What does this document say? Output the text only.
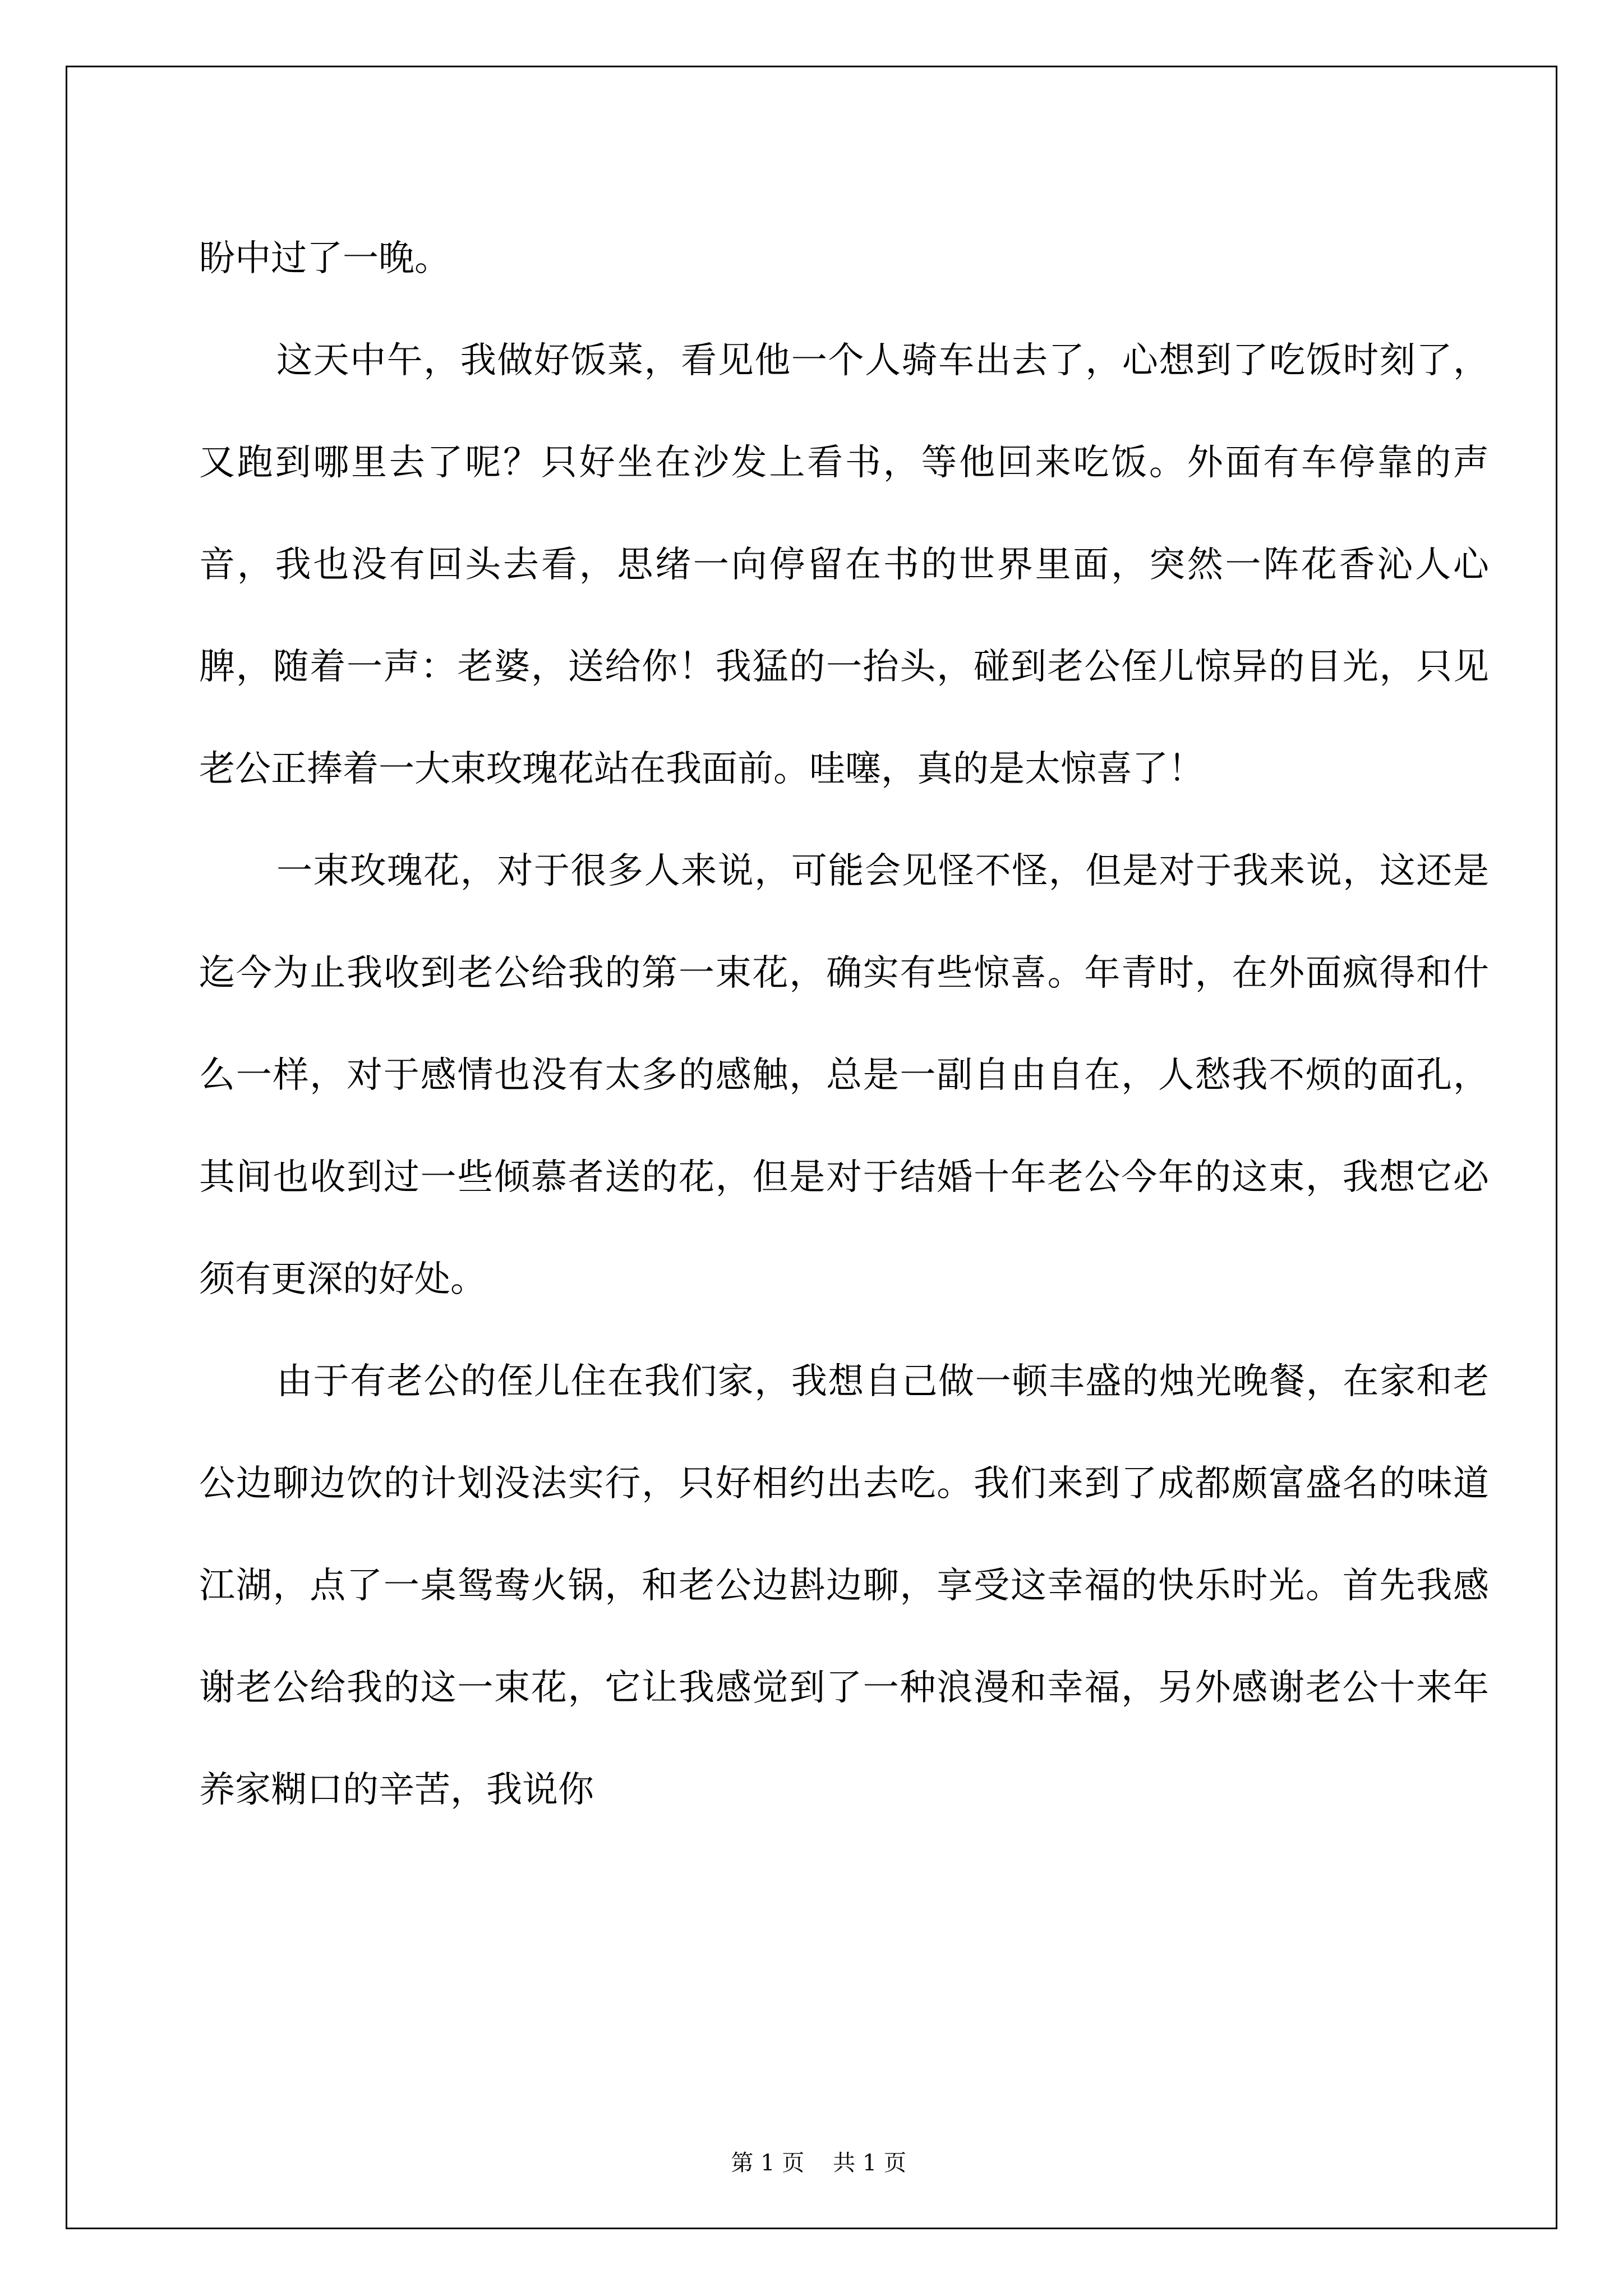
盼中过了一晚。

这天中午，我做好饭菜，看见他一个人骑车出去了，心想到了吃饭时刻了，又跑到哪里去了呢？只好坐在沙发上看书，等他回来吃饭。外面有车停靠的声音，我也没有回头去看，思绪一向停留在书的世界里面，突然一阵花香沁人心脾，随着一声：老婆，送给你！我猛的一抬头，碰到老公侄儿惊异的目光，只见老公正捧着一大束玫瑰花站在我面前。哇噻，真的是太惊喜了！

一束玫瑰花，对于很多人来说，可能会见怪不怪，但是对于我来说，这还是迄今为止我收到老公给我的第一束花，确实有些惊喜。年青时，在外面疯得和什么一样，对于感情也没有太多的感触，总是一副自由自在，人愁我不烦的面孔，其间也收到过一些倾慕者送的花，但是对于结婚十年老公今年的这束，我想它必须有更深的好处。

由于有老公的侄儿住在我们家，我想自己做一顿丰盛的烛光晚餐，在家和老公边聊边饮的计划没法实行，只好相约出去吃。我们来到了成都颇富盛名的味道江湖，点了一桌鸳鸯火锅，和老公边斟边聊，享受这幸福的快乐时光。首先我感谢老公给我的这一束花，它让我感觉到了一种浪漫和幸福，另外感谢老公十来年养家糊口的辛苦，我说你

第 1 页    共 1 页
